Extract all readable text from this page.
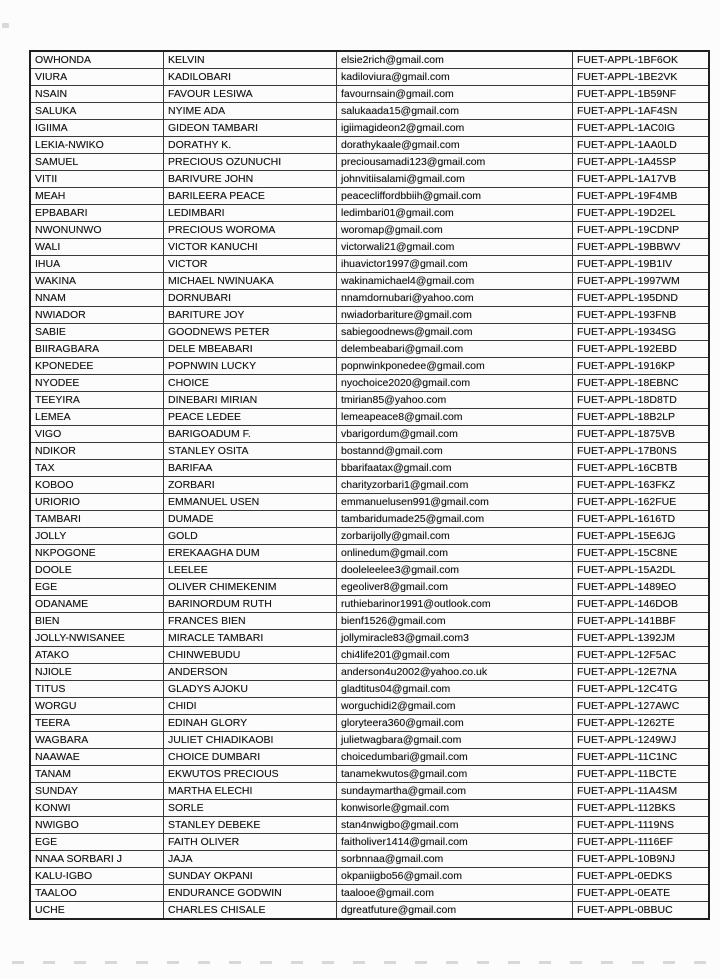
OWHONDA	KELVIN	elsie2rich@gmail.com	FUET-APPL-1BF6OK
VIURA	KADILOBARI	kadiloviura@gmail.com	FUET-APPL-1BE2VK
NSAIN	FAVOUR LESIWA	favournsain@gmail.com	FUET-APPL-1B59NF
SALUKA	NYIME ADA	salukaada15@gmail.com	FUET-APPL-1AF4SN
IGIIMA	GIDEON TAMBARI	igiimagideon2@gmail.com	FUET-APPL-1AC0IG
LEKIA-NWIKO	DORATHY K.	dorathykaale@gmail.com	FUET-APPL-1AA0LD
SAMUEL	PRECIOUS OZUNUCHI	preciousamadi123@gmail.com	FUET-APPL-1A45SP
VITII	BARIVURE JOHN	johnvitiisalami@gmail.com	FUET-APPL-1A17VB
MEAH	BARILEERA PEACE	peacecliffordbbiih@gmail.com	FUET-APPL-19F4MB
EPBABARI	LEDIMBARI	ledimbari01@gmail.com	FUET-APPL-19D2EL
NWONUNWO	PRECIOUS WOROMA	woromap@gmail.com	FUET-APPL-19CDNP
WALI	VICTOR KANUCHI	victorwali21@gmail.com	FUET-APPL-19BBWV
IHUA	VICTOR	ihuavictor1997@gmail.com	FUET-APPL-19B1IV
WAKINA	MICHAEL NWINUAKA	wakinamichael4@gmail.com	FUET-APPL-1997WM
NNAM	DORNUBARI	nnamdornubari@yahoo.com	FUET-APPL-195DND
NWIADOR	BARITURE JOY	nwiadorbariture@gmail.com	FUET-APPL-193FNB
SABIE	GOODNEWS PETER	sabiegoodnews@gmail.com	FUET-APPL-1934SG
BIIRAGBARA	DELE MBEABARI	delembeabari@gmail.com	FUET-APPL-192EBD
KPONEDEE	POPNWIN LUCKY	popnwinkponedee@gmail.com	FUET-APPL-1916KP
NYODEE	CHOICE	nyochoice2020@gmail.com	FUET-APPL-18EBNC
TEEYIRA	DINEBARI MIRIAN	tmirian85@yahoo.com	FUET-APPL-18D8TD
LEMEA	PEACE LEDEE	lemeapeace8@gmail.com	FUET-APPL-18B2LP
VIGO	BARIGOADUM F.	vbarigordum@gmail.com	FUET-APPL-1875VB
NDIKOR	STANLEY OSITA	bostannd@gmail.com	FUET-APPL-17B0NS
TAX	BARIFAA	bbarifaatax@gmail.com	FUET-APPL-16CBTB
KOBOO	ZORBARI	charityzorbari1@gmail.com	FUET-APPL-163FKZ
URIORIO	EMMANUEL USEN	emmanuelusen991@gmail.com	FUET-APPL-162FUE
TAMBARI	DUMADE	tambaridumade25@gmail.com	FUET-APPL-1616TD
JOLLY	GOLD	zorbarijolly@gmail.com	FUET-APPL-15E6JG
NKPOGONE	EREKAAGHA DUM	onlinedum@gmail.com	FUET-APPL-15C8NE
DOOLE	LEELEE	dooleleelee3@gmail.com	FUET-APPL-15A2DL
EGE	OLIVER CHIMEKENIM	egeoliver8@gmail.com	FUET-APPL-1489EO
ODANAME	BARINORDUM RUTH	ruthiebarinor1991@outlook.com	FUET-APPL-146DOB
BIEN	FRANCES BIEN	bienf1526@gmail.com	FUET-APPL-141BBF
JOLLY-NWISANEE	MIRACLE TAMBARI	jollymiracle83@gmail.com3	FUET-APPL-1392JM
ATAKO	CHINWEBUDU	chi4life201@gmail.com	FUET-APPL-12F5AC
NJIOLE	ANDERSON	anderson4u2002@yahoo.co.uk	FUET-APPL-12E7NA
TITUS	GLADYS AJOKU	gladtitus04@gmail.com	FUET-APPL-12C4TG
WORGU	CHIDI	worguchidi2@gmail.com	FUET-APPL-127AWC
TEERA	EDINAH GLORY	gloryteera360@gmail.com	FUET-APPL-1262TE
WAGBARA	JULIET CHIADIKAOBI	julietwagbara@gmail.com	FUET-APPL-1249WJ
NAAWAE	CHOICE DUMBARI	choicedumbari@gmail.com	FUET-APPL-11C1NC
TANAM	EKWUTOS PRECIOUS	tanamekwutos@gmail.com	FUET-APPL-11BCTE
SUNDAY	MARTHA ELECHI	sundaymartha@gmail.com	FUET-APPL-11A4SM
KONWI	SORLE	konwisorle@gmail.com	FUET-APPL-112BKS
NWIGBO	STANLEY DEBEKE	stan4nwigbo@gmail.com	FUET-APPL-1119NS
EGE	FAITH OLIVER	faitholiver1414@gmail.com	FUET-APPL-1116EF
NNAA SORBARI J	JAJA	sorbnnaa@gmail.com	FUET-APPL-10B9NJ
KALU-IGBO	SUNDAY OKPANI	okpaniigbo56@gmail.com	FUET-APPL-0EDKS
TAALOO	ENDURANCE GODWIN	taalooe@gmail.com	FUET-APPL-0EATE
UCHE	CHARLES CHISALE	dgreatfuture@gmail.com	FUET-APPL-0BBUC
